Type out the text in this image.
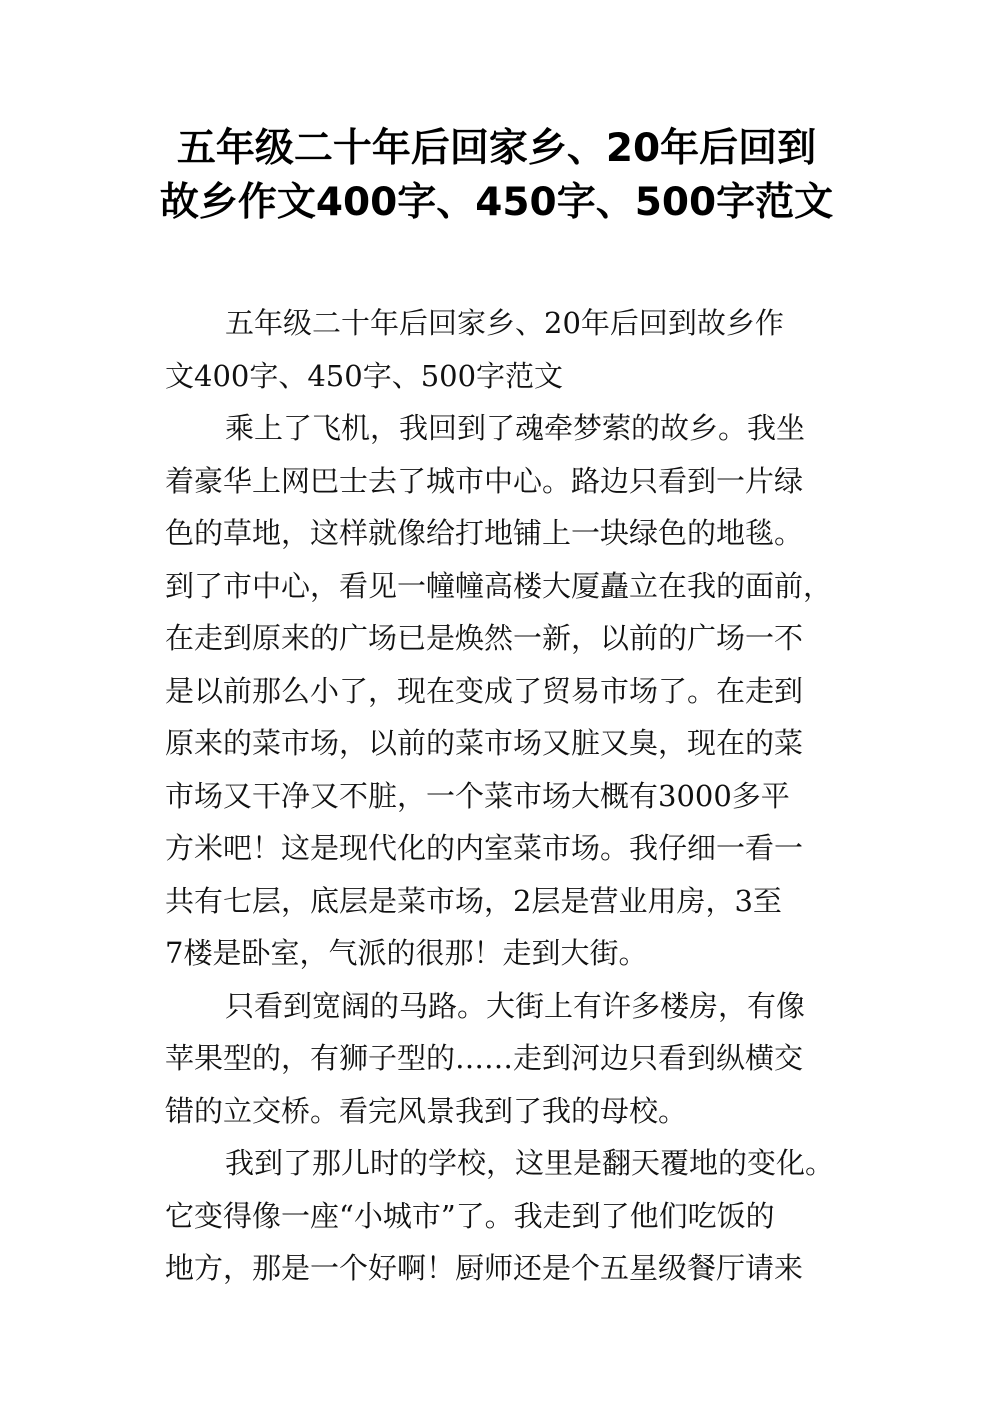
五年级二十年后回家乡、20年后回到
故乡作文400字、450字、500字范文
五年级二十年后回家乡、20年后回到故乡作
文400字、450字、500字范文
乘上了飞机，我回到了魂牵梦萦的故乡。我坐
着豪华上网巴士去了城市中心。路边只看到一片绿
色的草地，这样就像给打地铺上一块绿色的地毯。
到了市中心，看见一幢幢高楼大厦矗立在我的面前，
在走到原来的广场已是焕然一新，以前的广场一不
是以前那么小了，现在变成了贸易市场了。在走到
原来的菜市场，以前的菜市场又脏又臭，现在的菜
市场又干净又不脏，一个菜市场大概有3000多平
方米吧！这是现代化的内室菜市场。我仔细一看一
共有七层，底层是菜市场，2层是营业用房，3至
7楼是卧室，气派的很那！走到大街。
只看到宽阔的马路。大街上有许多楼房，有像
苹果型的，有狮子型的……走到河边只看到纵横交
错的立交桥。看完风景我到了我的母校。
我到了那儿时的学校，这里是翻天覆地的变化。
它变得像一座“小城市”了。我走到了他们吃饭的
地方，那是一个好啊！厨师还是个五星级餐厅请来
